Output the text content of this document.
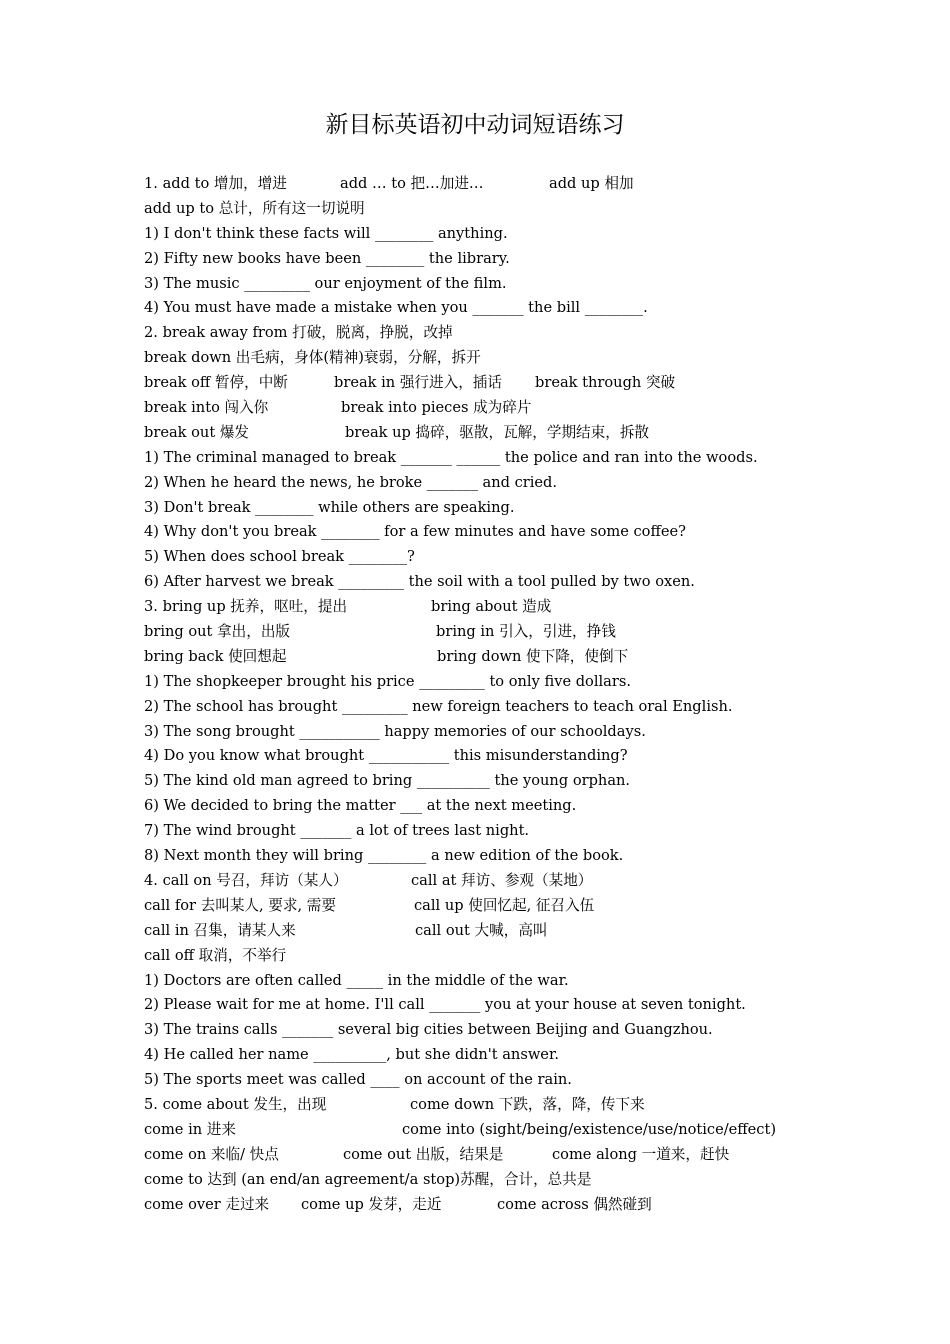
新目标英语初中动词短语练习
1. add to 增加，增进	add … to 把…加进…	add up 相加
add up to 总计，所有这一切说明
1) I don't think these facts will ________ anything.
2) Fifty new books have been ________ the library.
3) The music _________ our enjoyment of the film.
4) You must have made a mistake when you _______ the bill ________.
2. break away from 打破，脱离，挣脱，改掉
break down 出毛病，身体(精神)衰弱，分解，拆开
break off 暂停，中断	break in 强行进入，插话 break through 突破
break into 闯入你	break into pieces 成为碎片
break out 爆发	break up 捣碎，驱散，瓦解，学期结束，拆散
1) The criminal managed to break _______ ______ the police and ran into the woods.
2) When he heard the news, he broke _______ and cried.
3) Don't break ________ while others are speaking.
4) Why don't you break ________ for a few minutes and have some coffee?
5) When does school break ________?
6) After harvest we break _________ the soil with a tool pulled by two oxen.
3. bring up 抚养，呕吐，提出	bring about 造成
bring out 拿出，出版	bring in 引入，引进，挣钱
bring back 使回想起	bring down 使下降，使倒下
1) The shopkeeper brought his price _________ to only five dollars.
2) The school has brought _________ new foreign teachers to teach oral English.
3) The song brought ___________ happy memories of our schooldays.
4) Do you know what brought ___________ this misunderstanding?
5) The kind old man agreed to bring __________ the young orphan.
6) We decided to bring the matter ___ at the next meeting.
7) The wind brought _______ a lot of trees last night.
8) Next month they will bring ________ a new edition of the book.
4. call on 号召，拜访（某人）	call at 拜访、参观（某地）
call for 去叫某人, 要求, 需要	call up 使回忆起, 征召入伍
call in 召集，请某人来	call out 大喊，高叫
call off 取消，不举行
1) Doctors are often called _____ in the middle of the war.
2) Please wait for me at home. I'll call _______ you at your house at seven tonight.
3) The trains calls _______ several big cities between Beijing and Guangzhou.
4) He called her name __________, but she didn't answer.
5) The sports meet was called ____ on account of the rain.
5. come about 发生，出现	come down 下跌，落，降，传下来
come in 进来	come into (sight/being/existence/use/notice/effect)
come on 来临/ 快点	come out 出版，结果是	come along 一道来，赶快
come to 达到 (an end/an agreement/a stop)苏醒，合计，总共是
come over 走过来 come up 发芽，走近	come across 偶然碰到
